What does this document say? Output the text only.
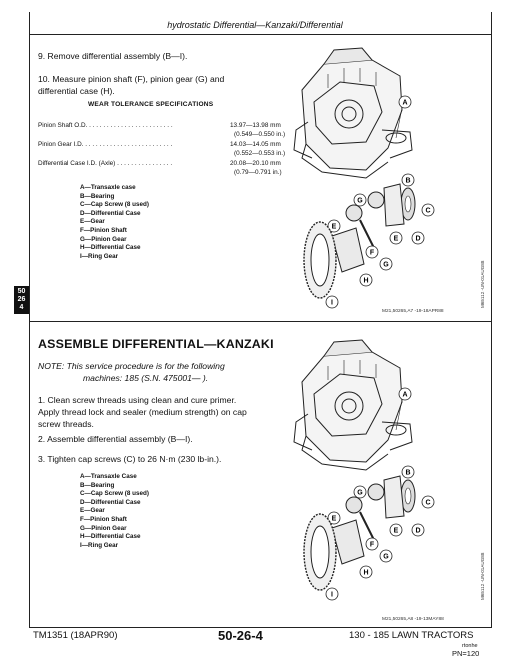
hydrostatic Differential—Kanzaki/Differential
50
26
4
9. Remove differential assembly (B—I).
10. Measure pinion shaft (F), pinion gear (G) and
differential case (H).
WEAR TOLERANCE SPECIFICATIONS
Pinion Shaft O.D. . . . . . . . . . . . . . . . . . . . . . . . .	13.97—13.98 mm
(0.549—0.550 in.)
Pinion Gear I.D. . . . . . . . . . . . . . . . . . . . . . . . . .	14.03—14.05 mm
(0.552—0.553 in.)
Differential Case I.D. (Axle) . . . . . . . . . . . . . . . .	20.08—20.10 mm
(0.79—0.791 in.)
A—Transaxle case
B—Bearing
C—Cap Screw (8 used)
D—Differential Case
E—Gear
F—Pinion Shaft
G—Pinion Gear
H—Differential Case
I—Ring Gear
A
B
C
D
E
E
F
G
G
H
I
M21,50265,A7 -19-18APR88
M65112 -UN-01AUG88
ASSEMBLE DIFFERENTIAL—KANZAKI
NOTE: This service procedure is for the following
machines: 185 (S.N. 475001— ).
1. Clean screw threads using clean and cure primer.
Apply thread lock and sealer (medium strength) on cap
screw threads.
2. Assemble differential assembly (B—I).
3. Tighten cap screws (C) to 26 N·m (230 lb-in.).
A—Transaxle Case
B—Bearing
C—Cap Screw (8 used)
D—Differential Case
E—Gear
F—Pinion Shaft
G—Pinion Gear
H—Differential Case
I—Ring Gear
A
B
C
D
E
E
F
G
G
H
I
M21,50265,A8 -19-13MAY88
M65112 -UN-01AUG88
TM1351 (18APR90)	50-26-4	130 - 185 LAWN TRACTORS
rtonhe
PN=120
